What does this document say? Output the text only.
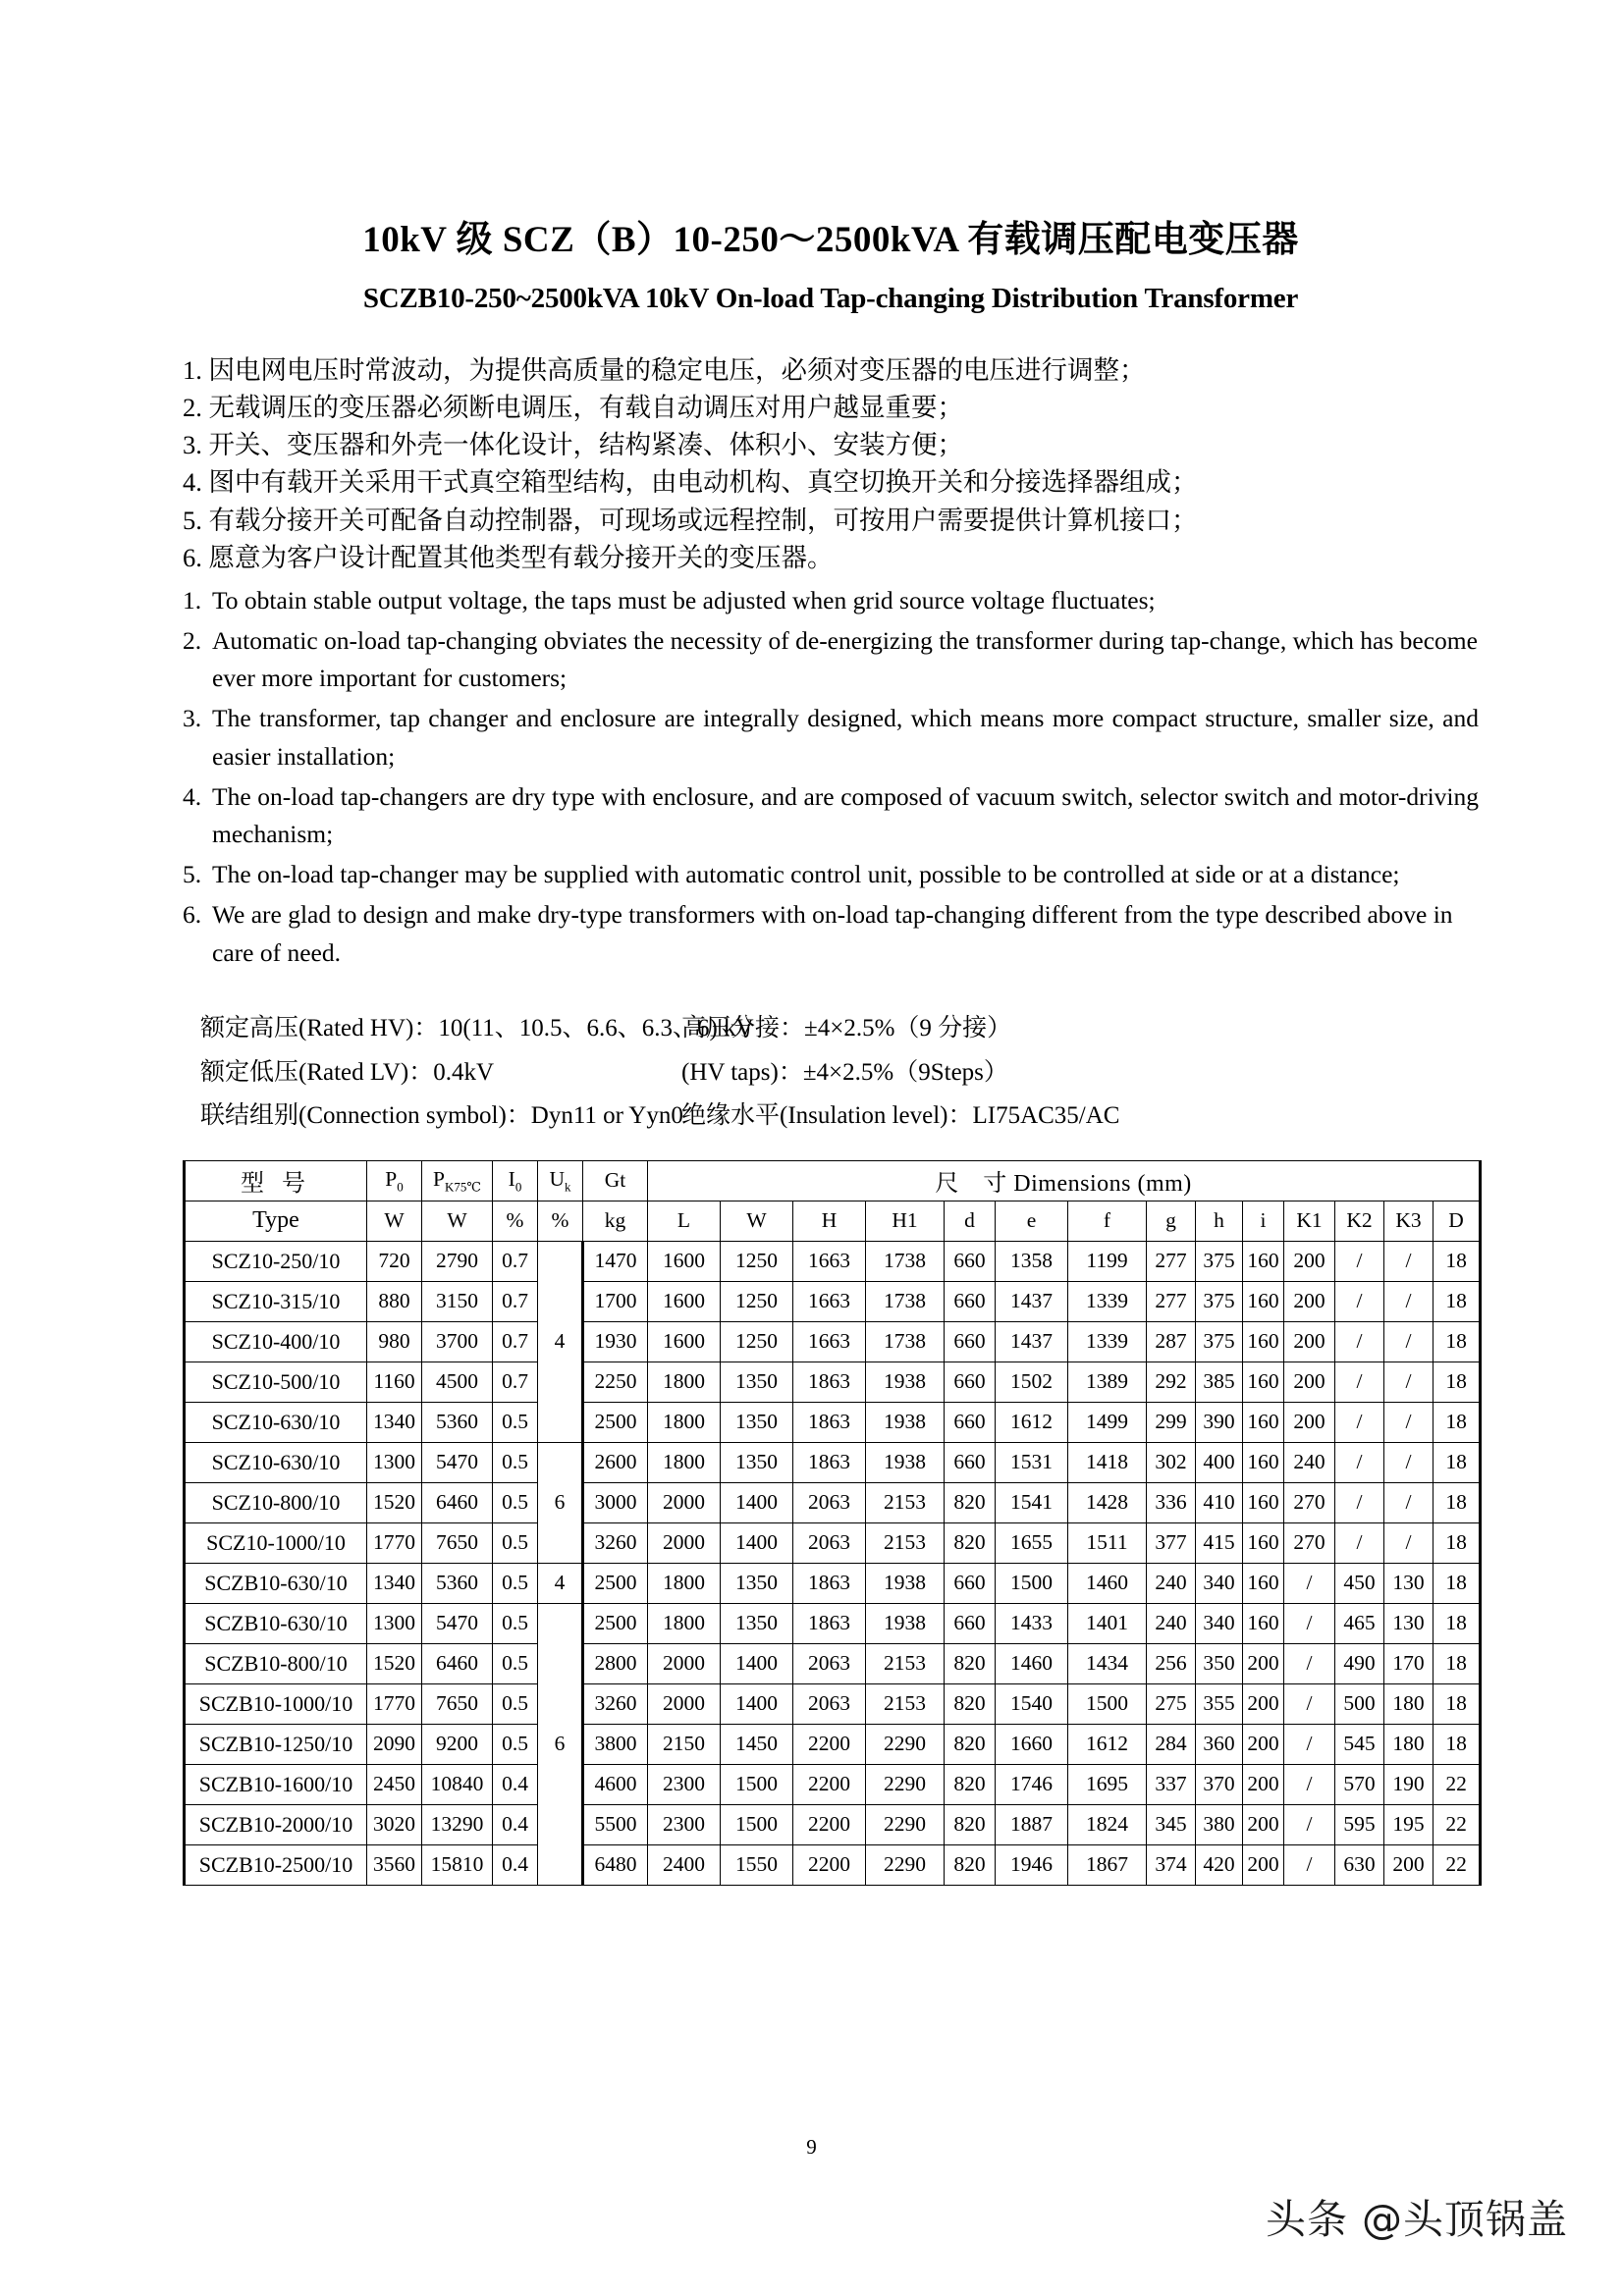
10kV 级 SCZ（B）10-250～2500kVA 有载调压配电变压器
SCZB10-250~2500kVA 10kV On-load Tap-changing Distribution Transformer
1. 因电网电压时常波动，为提供高质量的稳定电压，必须对变压器的电压进行调整；
2. 无载调压的变压器必须断电调压，有载自动调压对用户越显重要；
3. 开关、变压器和外壳一体化设计，结构紧凑、体积小、安装方便；
4. 图中有载开关采用干式真空箱型结构，由电动机构、真空切换开关和分接选择器组成；
5. 有载分接开关可配备自动控制器，可现场或远程控制，可按用户需要提供计算机接口；
6. 愿意为客户设计配置其他类型有载分接开关的变压器。
1. To obtain stable output voltage, the taps must be adjusted when grid source voltage fluctuates;
2. Automatic on-load tap-changing obviates the necessity of de-energizing the transformer during tap-change, which has become ever more important for customers;
3. The transformer, tap changer and enclosure are integrally designed, which means more compact structure, smaller size, and easier installation;
4. The on-load tap-changers are dry type with enclosure, and are composed of vacuum switch, selector switch and motor-driving mechanism;
5. The on-load tap-changer may be supplied with automatic control unit, possible to be controlled at side or at a distance;
6. We are glad to design and make dry-type transformers with on-load tap-changing different from the type described above in care of need.
额定高压(Rated HV)：10(11、10.5、6.6、6.3、6) kV
高压分接：±4×2.5%（9 分接）
额定低压(Rated LV)：0.4kV	(HV taps)：±4×2.5%（9Steps）
联结组别(Connection symbol)：Dyn11 or Yyn0
绝缘水平(Insulation level)：LI75AC35/AC
型 号	$P_0$	$P_{K75℃}$	$I_0$	$U_k$	Gt	尺　寸 Dimensions (mm)													
Type	W	W	%	%	kg	L	W	H	H1	d	e	f	g	h	i	K1	K2	K3	D
SCZ10-250/10	720	2790	0.7	4	1470	1600	1250	1663	1738	660	1358	1199	277	375	160	200	/	/	18
SCZ10-315/10	880	3150	0.7		1700	1600	1250	1663	1738	660	1437	1339	277	375	160	200	/	/	18
SCZ10-400/10	980	3700	0.7		1930	1600	1250	1663	1738	660	1437	1339	287	375	160	200	/	/	18
SCZ10-500/10	1160	4500	0.7		2250	1800	1350	1863	1938	660	1502	1389	292	385	160	200	/	/	18
SCZ10-630/10	1340	5360	0.5		2500	1800	1350	1863	1938	660	1612	1499	299	390	160	200	/	/	18
SCZ10-630/10	1300	5470	0.5	6	2600	1800	1350	1863	1938	660	1531	1418	302	400	160	240	/	/	18
SCZ10-800/10	1520	6460	0.5		3000	2000	1400	2063	2153	820	1541	1428	336	410	160	270	/	/	18
SCZ10-1000/10	1770	7650	0.5		3260	2000	1400	2063	2153	820	1655	1511	377	415	160	270	/	/	18
SCZB10-630/10	1340	5360	0.5	4	2500	1800	1350	1863	1938	660	1500	1460	240	340	160	/	450	130	18
SCZB10-630/10	1300	5470	0.5	6	2500	1800	1350	1863	1938	660	1433	1401	240	340	160	/	465	130	18
SCZB10-800/10	1520	6460	0.5		2800	2000	1400	2063	2153	820	1460	1434	256	350	200	/	490	170	18
SCZB10-1000/10	1770	7650	0.5		3260	2000	1400	2063	2153	820	1540	1500	275	355	200	/	500	180	18
SCZB10-1250/10	2090	9200	0.5		3800	2150	1450	2200	2290	820	1660	1612	284	360	200	/	545	180	18
SCZB10-1600/10	2450	10840	0.4		4600	2300	1500	2200	2290	820	1746	1695	337	370	200	/	570	190	22
SCZB10-2000/10	3020	13290	0.4		5500	2300	1500	2200	2290	820	1887	1824	345	380	200	/	595	195	22
SCZB10-2500/10	3560	15810	0.4		6480	2400	1550	2200	2290	820	1946	1867	374	420	200	/	630	200	22
9
头条 @头顶锅盖
